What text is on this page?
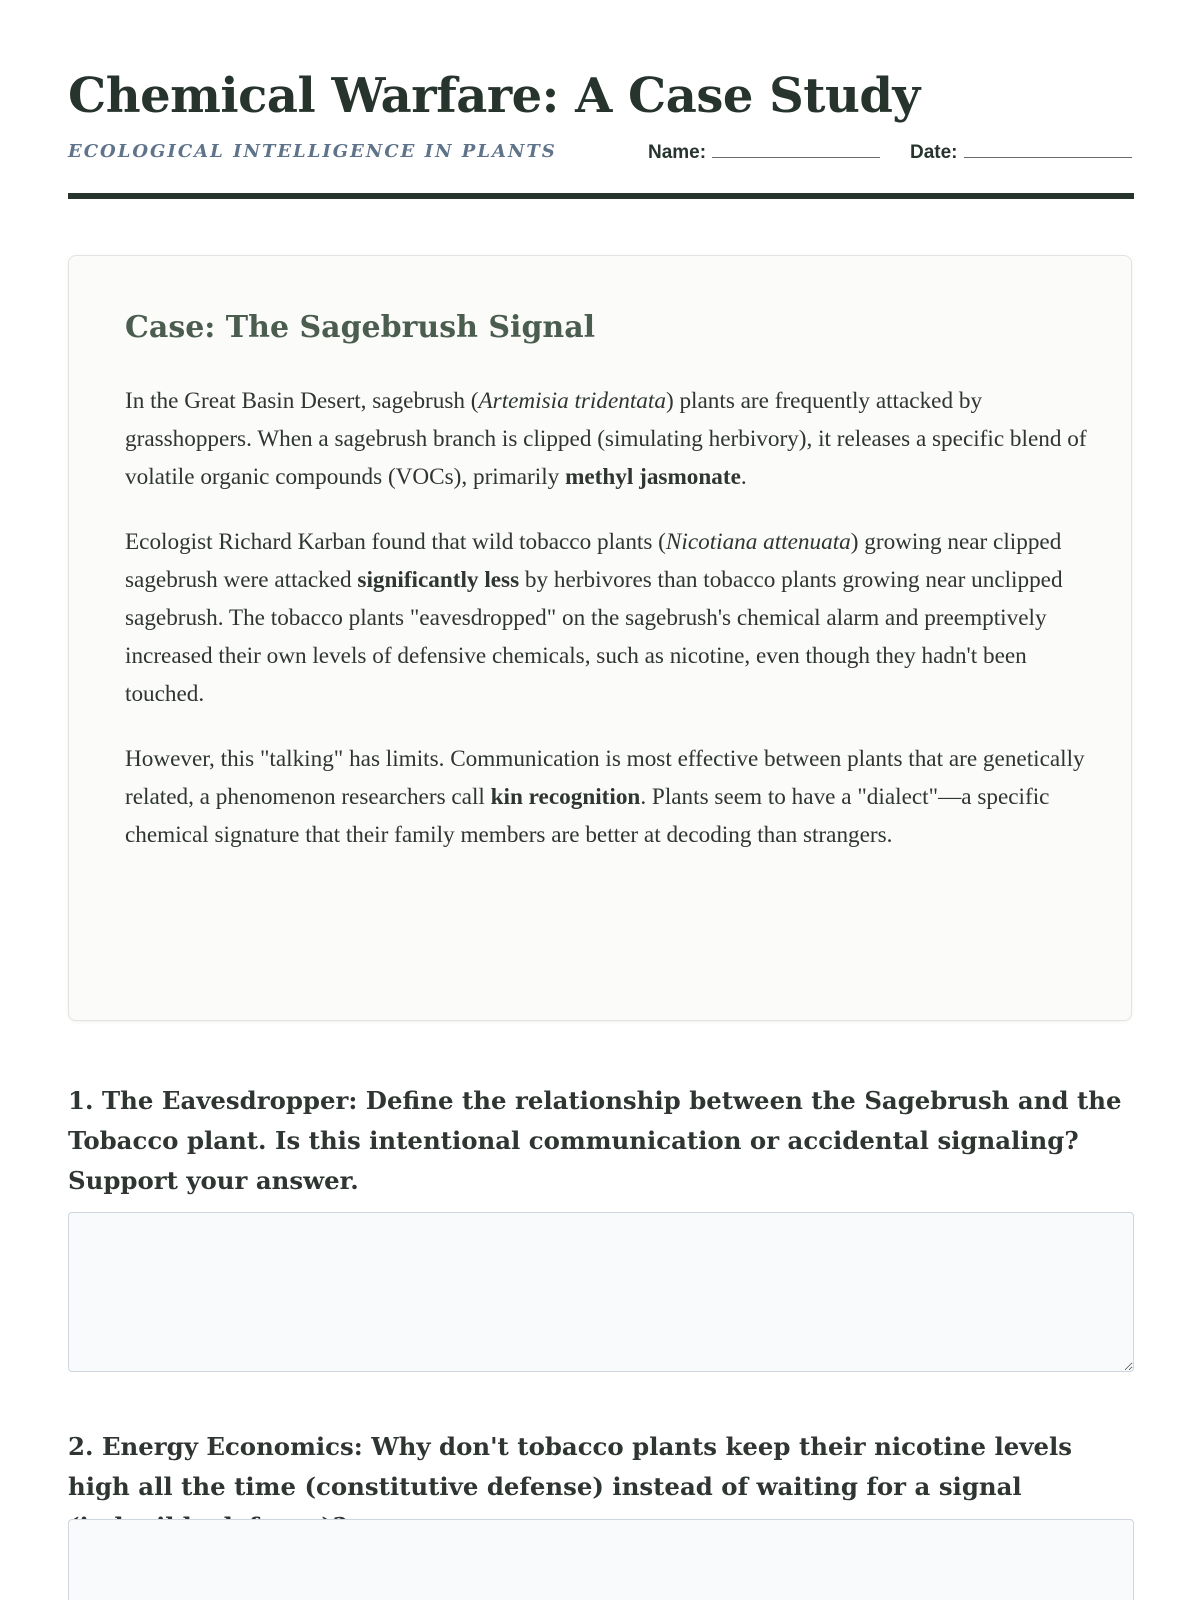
Chemical Warfare: A Case Study
ECOLOGICAL INTELLIGENCE IN PLANTS	Name:	Date:
Case: The Sagebrush Signal

In the Great Basin Desert, sagebrush (Artemisia tridentata) plants are frequently attacked by grasshoppers. When a sagebrush branch is clipped (simulating herbivory), it releases a specific blend of volatile organic compounds (VOCs), primarily methyl jasmonate.

Ecologist Richard Karban found that wild tobacco plants (Nicotiana attenuata) growing near clipped sagebrush were attacked significantly less by herbivores than tobacco plants growing near unclipped sagebrush. The tobacco plants "eavesdropped" on the sagebrush's chemical alarm and preemptively increased their own levels of defensive chemicals, such as nicotine, even though they hadn't been touched.

However, this "talking" has limits. Communication is most effective between plants that are genetically related, a phenomenon researchers call kin recognition. Plants seem to have a "dialect"—a specific chemical signature that their family members are better at decoding than strangers.

1. The Eavesdropper: Define the relationship between the Sagebrush and the Tobacco plant. Is this intentional communication or accidental signaling? Support your answer.

2. Energy Economics: Why don't tobacco plants keep their nicotine levels high all the time (constitutive defense) instead of waiting for a signal
